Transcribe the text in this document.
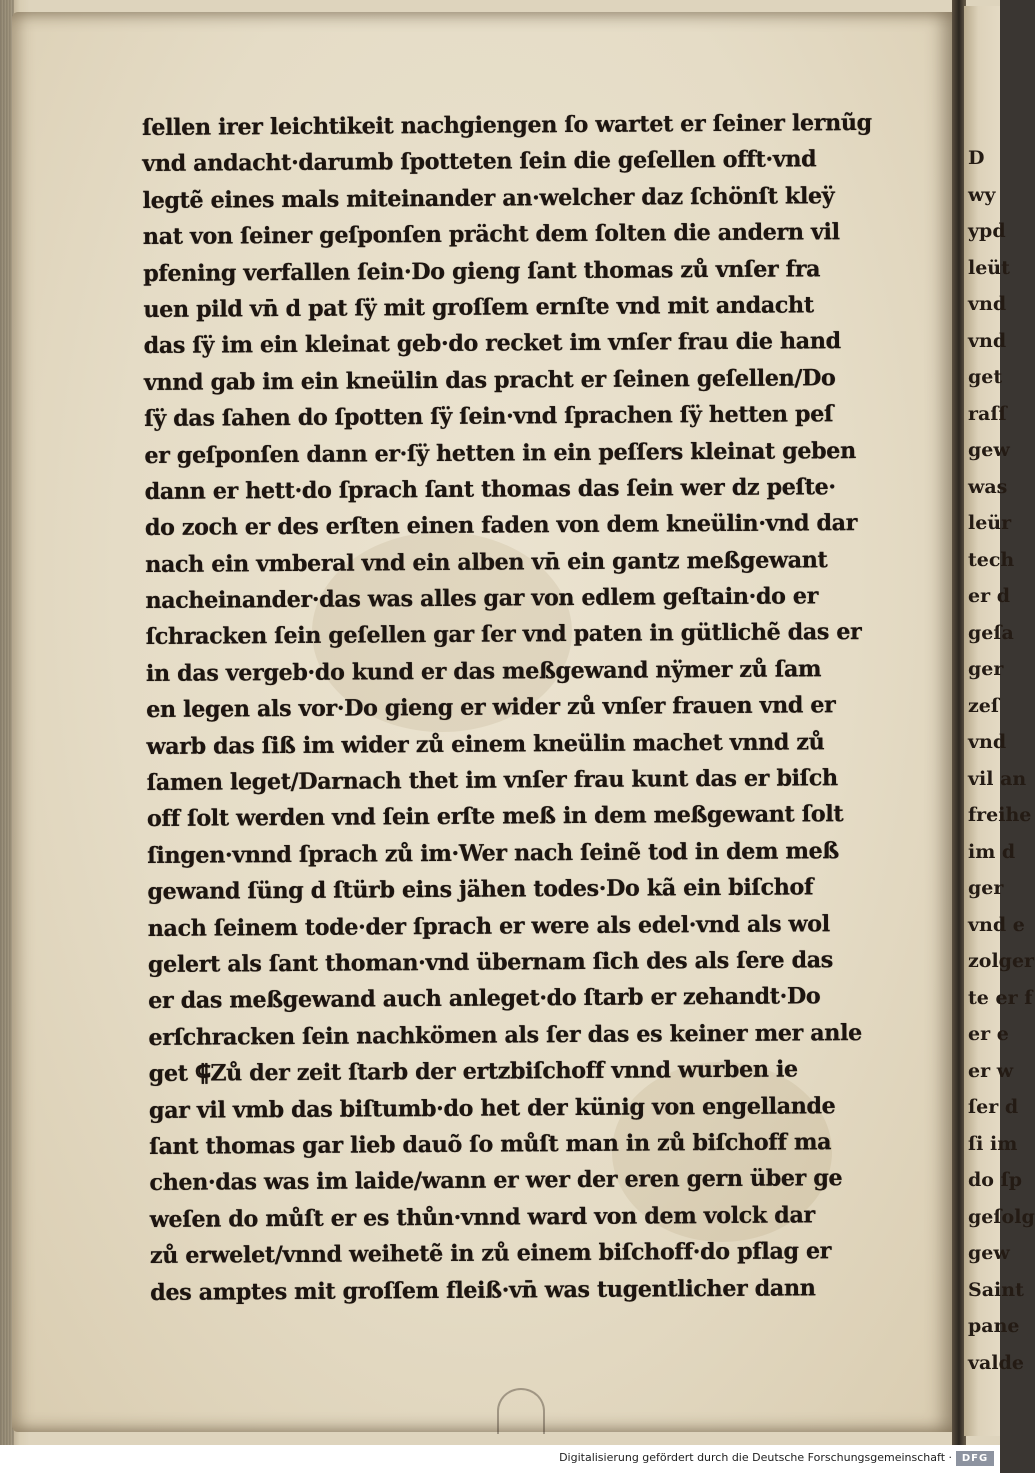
D
wy
ypd
leüt
vnd
vnd
get
raſſ
gew
was
leür
tech
er d
geſa
ger
zeſ
vnd
vil an
freihe
im d
ger
vnd e
zolger
te er f
er e
er w
ſer d
ſi im
do ſp
geſolg
gew
Saint
pane
valde
ſellen irer leichtikeit nachgiengen ſo wartet er ſeiner lernũg
vnd andacht·darumb ſpotteten ſein die geſellen offt·vnd
legtẽ eines mals miteinander an·welcher daz ſchönſt kleÿ
nat von ſeiner geſponſen prächt dem ſolten die andern vil
pfening verfallen ſein·Do gieng ſant thomas zů vnſer fra
uen pild vn̄ d pat ſÿ mit groſſem ernſte vnd mit andacht
das ſÿ im ein kleinat geb·do recket im vnſer frau die hand
vnnd gab im ein kneülin das pracht er ſeinen geſellen/Do
ſÿ das ſahen do ſpotten ſÿ ſein·vnd ſprachen ſÿ hetten peſ
er geſponſen dann er·ſÿ hetten in ein peſſers kleinat geben
dann er hett·do ſprach ſant thomas das ſein wer dz peſte·
do zoch er des erſten einen faden von dem kneülin·vnd dar
nach ein vmberal vnd ein alben vn̄ ein gantz meßgewant
nacheinander·das was alles gar von edlem geſtain·do er
ſchracken ſein geſellen gar ſer vnd paten in gütlichẽ das er
in das vergeb·do kund er das meßgewand nÿmer zů ſam
en legen als vor·Do gieng er wider zů vnſer frauen vnd er
warb das ſiß im wider zů einem kneülin machet vnnd zů
ſamen leget/Darnach thet im vnſer frau kunt das er biſch
off ſolt werden vnd ſein erſte meß in dem meßgewant ſolt
ſingen·vnnd ſprach zů im·Wer nach ſeinẽ tod in dem meß
gewand ſüng d ſtürb eins jähen todes·Do kã ein biſchof
nach ſeinem tode·der ſprach er were als edel·vnd als wol
gelert als ſant thoman·vnd übernam ſich des als ſere das
er das meßgewand auch anleget·do ſtarb er zehandt·Do
erſchracken ſein nachkömen als ſer das es keiner mer anle
get ⸿Zů der zeit ſtarb der ertzbiſchoff vnnd wurben ie
gar vil vmb das biſtumb·do het der künig von engellande
ſant thomas gar lieb dauõ ſo můſt man in zů biſchoff ma
chen·das was im laide/wann er wer der eren gern über ge
weſen do můſt er es thůn·vnnd ward von dem volck dar
zů erwelet/vnnd weihetẽ in zů einem biſchoff·do pflag er
des amptes mit groſſem fleiß·vn̄ was tugentlicher dann
Digitalisierung gefördert durch die Deutsche Forschungsgemeinschaft · DFG
